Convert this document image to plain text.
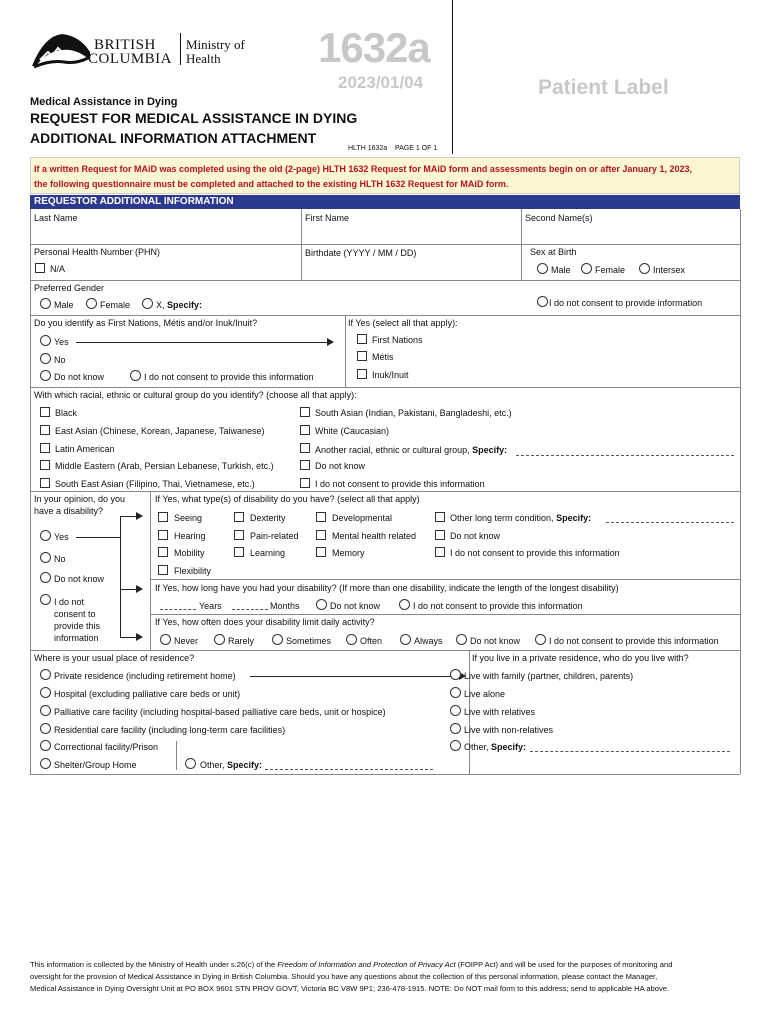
BRITISH
COLUMBIA
Ministry of
Health 1632a
2023/01/04	Patient Label
Medical Assistance in Dying
REQUEST FOR MEDICAL ASSISTANCE IN DYING
ADDITIONAL INFORMATION ATTACHMENT
HLTH 1632a    PAGE 1 OF 1
If a written Request for MAiD was completed using the old (2-page) HLTH 1632 Request for MAiD form and assessments begin on or after January 1, 2023,
the following questionnaire must be completed and attached to the existing HLTH 1632 Request for MAiD form.
REQUESTOR ADDITIONAL INFORMATION
Last Name	First Name	Second Name(s)
Personal Health Number (PHN)
N/A
Birthdate (YYYY / MM / DD)	Sex at Birth
Male	Female	Intersex
Preferred Gender
Male	Female	X, Specify:	I do not consent to provide information
Do you identify as First Nations, Métis and/or Inuk/Inuit?
Yes
No
Do not know	I do not consent to provide this information
If Yes (select all that apply):
First Nations
Métis
Inuk/Inuit
With which racial, ethnic or cultural group do you identify? (choose all that apply):
Black
East Asian (Chinese, Korean, Japanese, Taiwanese)
Latin American
Middle Eastern (Arab, Persian Lebanese, Turkish, etc.)
South East Asian (Filipino, Thai, Vietnamese, etc.)
South Asian (Indian, Pakistani, Bangladeshi, etc.)
White (Caucasian)
Another racial, ethnic or cultural group, Specify:
Do not know
I do not consent to provide this information
In your opinion, do you
have a disability?
Yes
No
Do not know
I do not
consent to
provide this
information
If Yes, what type(s) of disability do you have? (select all that apply)
Seeing
Hearing
Mobility
Flexibility
Dexterity
Pain-related
Learning
Developmental
Mental health related
Memory
Other long term condition, Specify:
Do not know
I do not consent to provide this information
If Yes, how long have you had your disability? (If more than one disability, indicate the length of the longest disability)
Years	Months	Do not know	I do not consent to provide this information
If Yes, how often does your disability limit daily activity?
Never	Rarely	Sometimes	Often	Always	Do not know	I do not consent to provide this information
Where is your usual place of residence?
Private residence (including retirement home)
Hospital (excluding palliative care beds or unit)
Palliative care facility (including hospital-based palliative care beds, unit or hospice)
Residential care facility (including long-term care facilities)
Correctional facility/Prison
Shelter/Group Home	Other, Specify:
If you live in a private residence, who do you live with?
Live with family (partner, children, parents)
Live alone
Live with relatives
Live with non-relatives
Other, Specify:
This information is collected by the Ministry of Health under s.26(c) of the Freedom of Information and Protection of Privacy Act (FOIPP Act) and will be used for the purposes of monitoring and
oversight for the provision of Medical Assistance in Dying in British Columbia. Should you have any questions about the collection of this personal information, please contact the Manager,
Medical Assistance in Dying Oversight Unit at PO BOX 9601 STN PROV GOVT, Victoria BC V8W 9P1; 236-478-1915. NOTE: Do NOT mail form to this address; send to applicable HA above.
